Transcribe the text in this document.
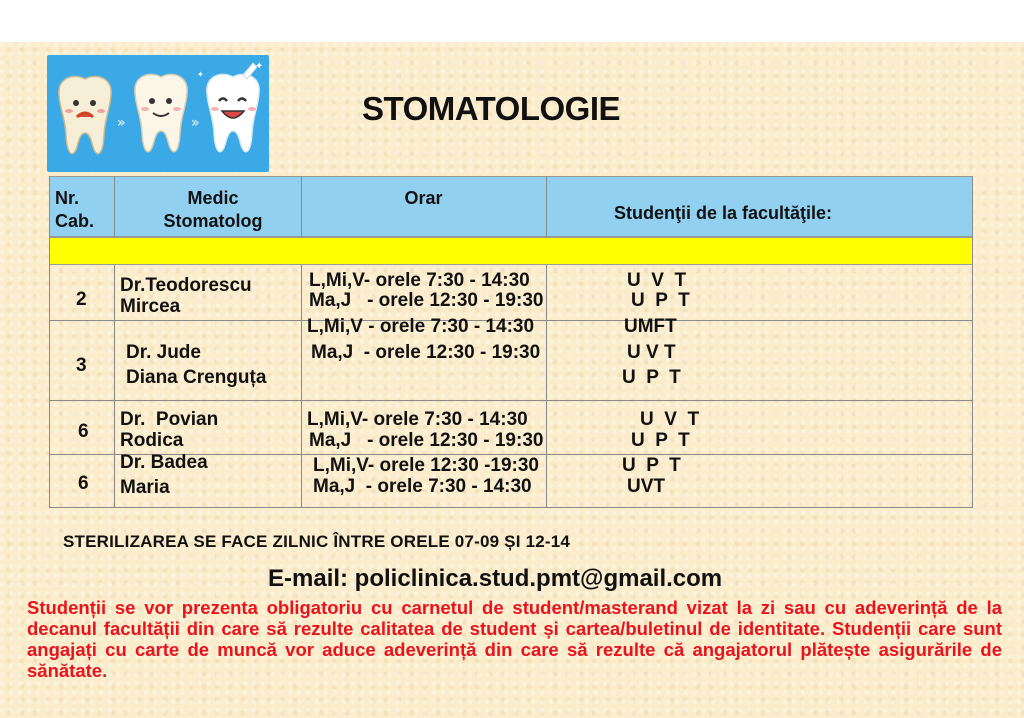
»	»
✦
✦
STOMATOLOGIE
Nr.
Cab.
Medic
Stomatolog
Orar
Studenţii de la facultăţile:
2
Dr.Teodorescu
Mircea
L,Mi,V- orele 7:30 - 14:30
Ma,J   - orele 12:30 - 19:30
U  V  T
U  P  T
3
Dr. Jude
Diana Crenguța
L,Mi,V - orele 7:30 - 14:30
Ma,J  - orele 12:30 - 19:30
UMFT
U V T
U  P  T
6
Dr.  Povian
Rodica
L,Mi,V- orele 7:30 - 14:30
Ma,J   - orele 12:30 - 19:30
U  V  T
U  P  T
6
Dr. Badea
Maria
L,Mi,V- orele 12:30 -19:30
Ma,J  - orele 7:30 - 14:30
U  P  T
UVT

STERILIZAREA SE FACE ZILNIC ÎNTRE ORELE 07-09 ȘI 12-14

E-mail: policlinica.stud.pmt@gmail.com

Studenții se vor prezenta obligatoriu cu carnetul de student/masterand vizat la zi sau cu adeverință de la decanul facultății din care să rezulte calitatea de student și cartea/buletinul de identitate. Studenții care sunt angajați cu carte de muncă vor aduce adeverință din care să rezulte că angajatorul plătește asigurările de sănătate.
